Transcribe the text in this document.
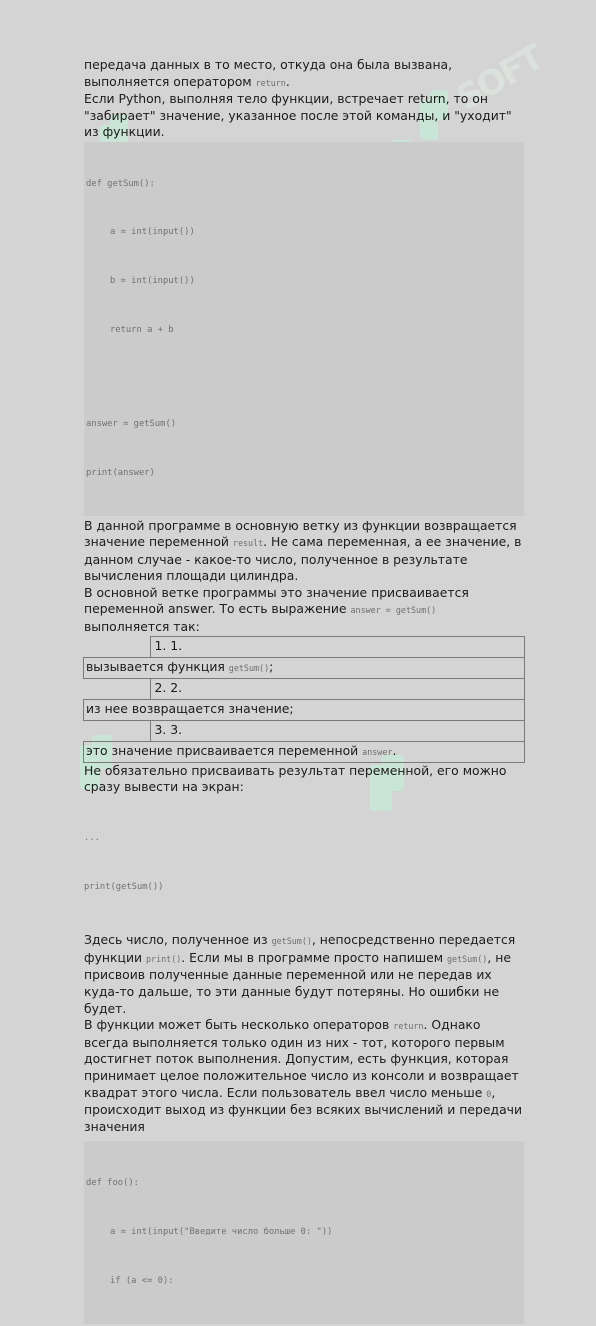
SOFT

передача данных в то место, откуда она была вызвана, выполняется оператором return.

Если Python, выполняя тело функции, встречает return, то он "забирает" значение, указанное после этой команды, и "уходит" из функции.

def getSum():

a = int(input())

b = int(input())

return a + b

answer = getSum()

print(answer)

В данной программе в основную ветку из функции возвращается значение переменной result. Не сама переменная, а ее значение, в данном случае - какое-то число, полученное в результате вычисления площади цилиндра.

В основной ветке программы это значение присваивается переменной answer. То есть выражение answer = getSum() выполняется так:

	1. 1.
вызывается функция getSum();	
	2. 2.
из нее возвращается значение;	
	3. 3.
это значение присваивается переменной answer.	

Не обязательно присваивать результат переменной, его можно сразу вывести на экран:

...

print(getSum())

Здесь число, полученное из getSum(), непосредственно передается функции print(). Если мы в программе просто напишем getSum(), не присвоив полученные данные переменной или не передав их куда-то дальше, то эти данные будут потеряны. Но ошибки не будет.

В функции может быть несколько операторов return. Однако всегда выполняется только один из них - тот, которого первым достигнет поток выполнения. Допустим, есть функция, которая принимает целое положительное число из консоли и возвращает квадрат этого числа. Если пользователь ввел число меньше 0, происходит выход из функции без всяких вычислений и передачи значения

def foo():

a = int(input("Введите число больше 0: "))

if (a <= 0):
